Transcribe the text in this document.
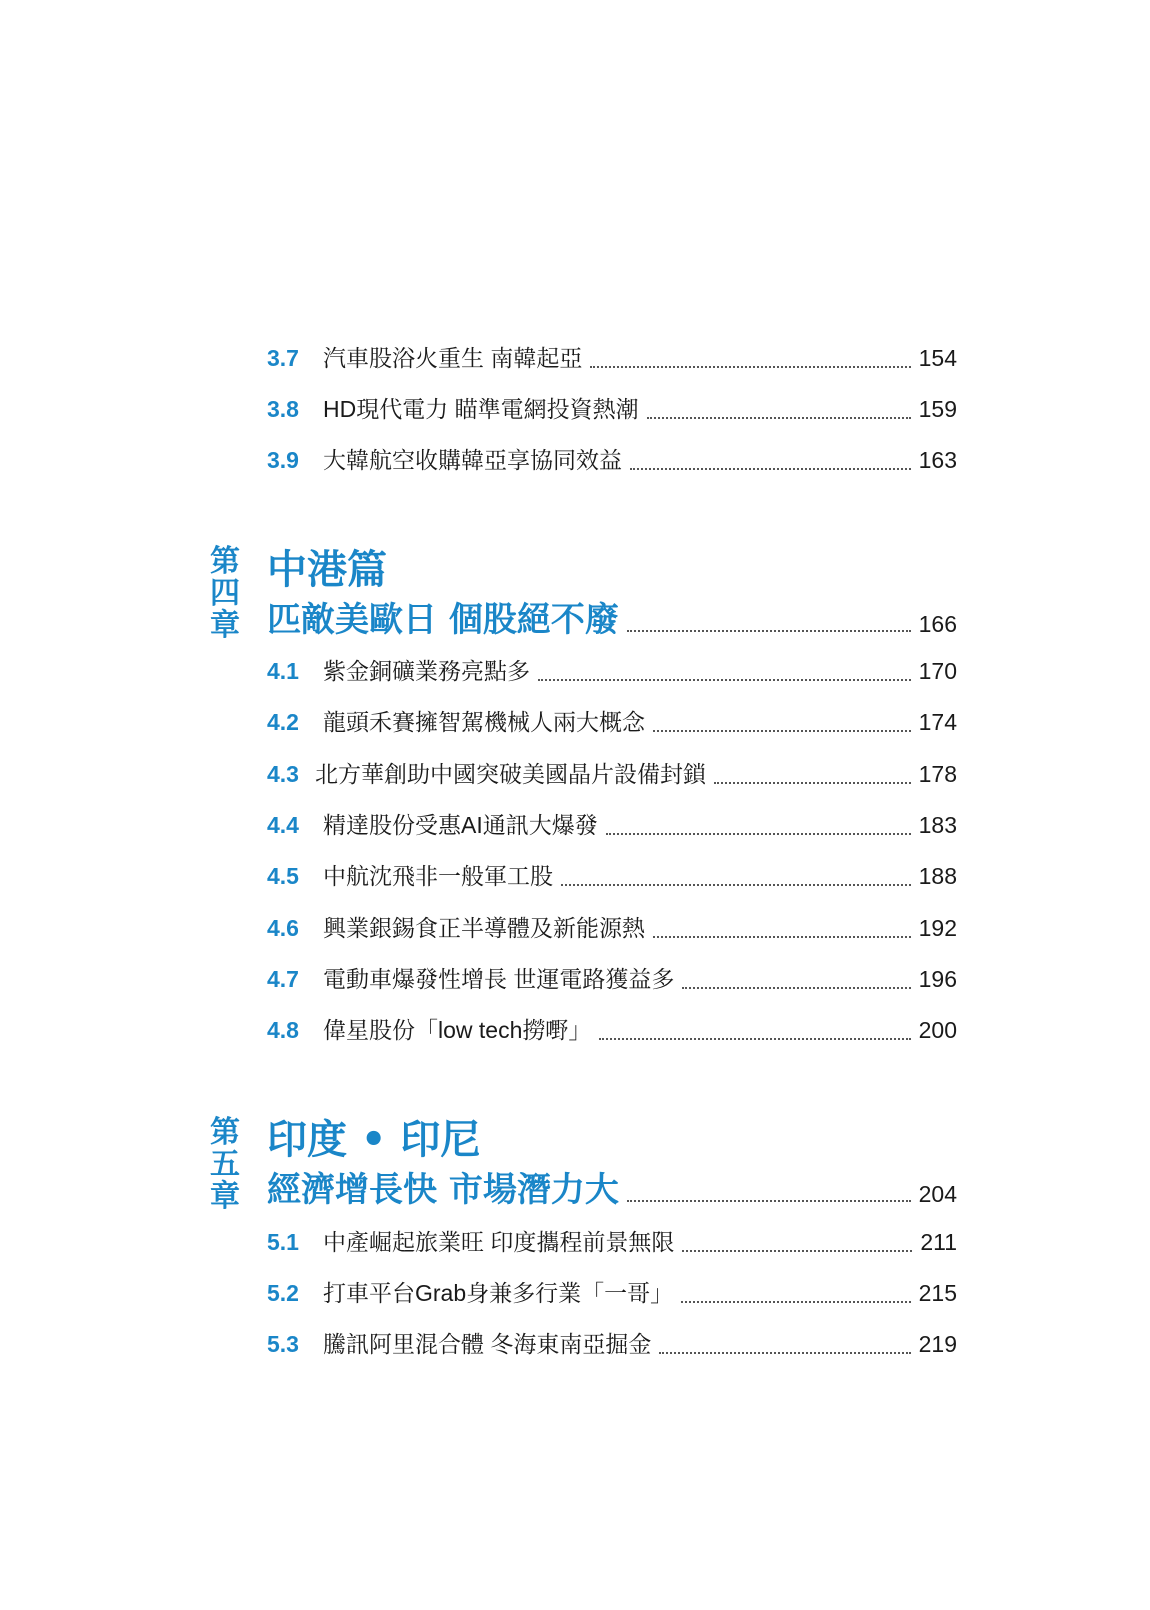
3.7	汽車股浴火重生 南韓起亞	154
3.8	HD現代電力 瞄準電網投資熱潮	159
3.9	大韓航空收購韓亞享協同效益	163
第四章
中港篇
匹敵美歐日 個股絕不廢	166
4.1	紫金銅礦業務亮點多	170
4.2	龍頭禾賽擁智駕機械人兩大概念	174
4.3 北方華創助中國突破美國晶片設備封鎖	178
4.4	精達股份受惠AI通訊大爆發	183
4.5	中航沈飛非一般軍工股	188
4.6	興業銀錫食正半導體及新能源熱	192
4.7	電動車爆發性增長 世運電路獲益多	196
4.8	偉星股份「low tech撈嘢」	200
第五章
印度 • 印尼
經濟增長快 市場潛力大	204
5.1	中產崛起旅業旺 印度攜程前景無限	211
5.2	打車平台Grab身兼多行業「一哥」	215
5.3	騰訊阿里混合體 冬海東南亞掘金	219
